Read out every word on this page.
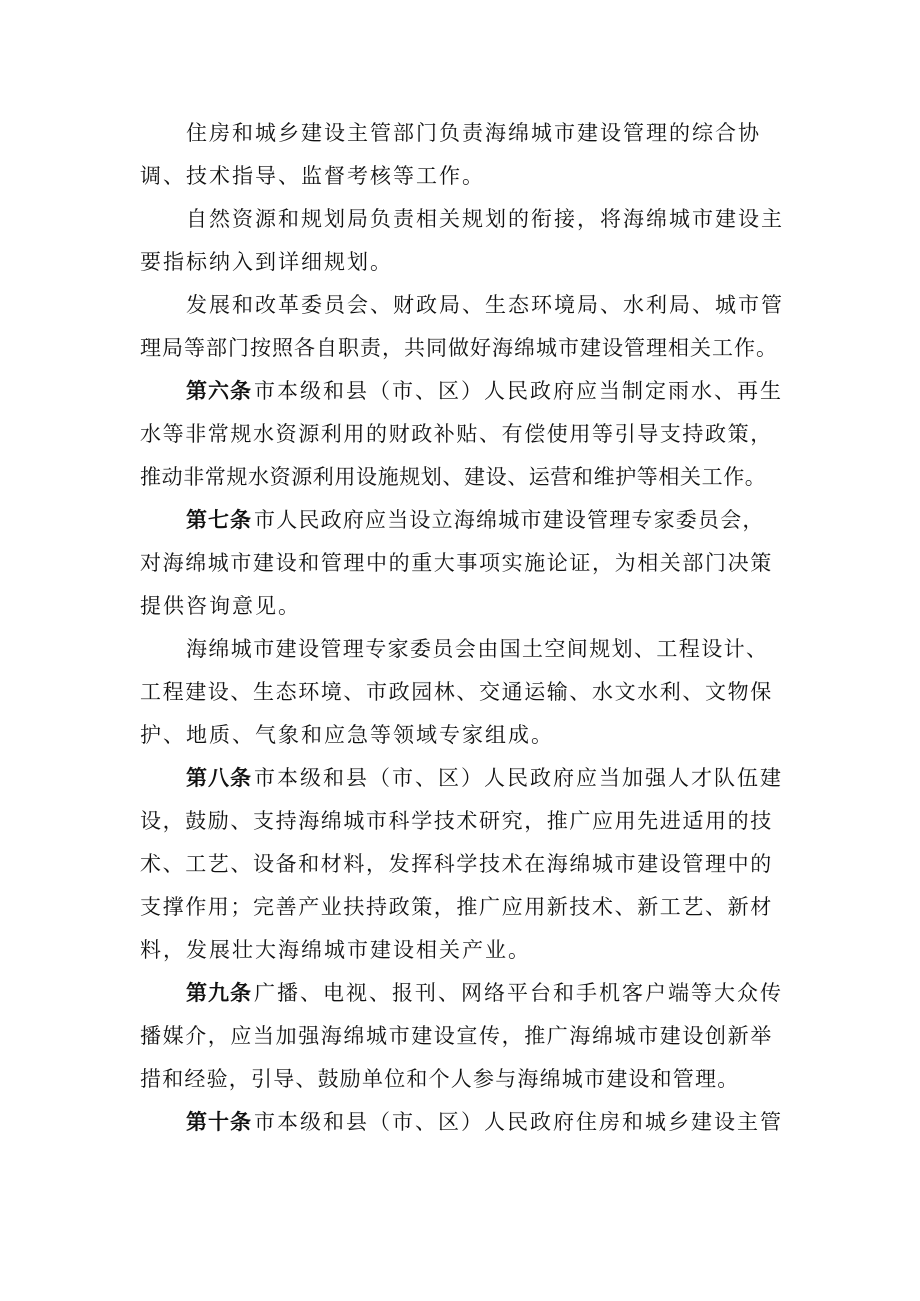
住房和城乡建设主管部门负责海绵城市建设管理的综合协
调、技术指导、监督考核等工作。
自然资源和规划局负责相关规划的衔接，将海绵城市建设主
要指标纳入到详细规划。
发展和改革委员会、财政局、生态环境局、水利局、城市管
理局等部门按照各自职责，共同做好海绵城市建设管理相关工作。
第六条市本级和县（市、区）人民政府应当制定雨水、再生
水等非常规水资源利用的财政补贴、有偿使用等引导支持政策，
推动非常规水资源利用设施规划、建设、运营和维护等相关工作。
第七条市人民政府应当设立海绵城市建设管理专家委员会，
对海绵城市建设和管理中的重大事项实施论证，为相关部门决策
提供咨询意见。
海绵城市建设管理专家委员会由国土空间规划、工程设计、
工程建设、生态环境、市政园林、交通运输、水文水利、文物保
护、地质、气象和应急等领域专家组成。
第八条市本级和县（市、区）人民政府应当加强人才队伍建
设，鼓励、支持海绵城市科学技术研究，推广应用先进适用的技
术、工艺、设备和材料，发挥科学技术在海绵城市建设管理中的
支撑作用；完善产业扶持政策，推广应用新技术、新工艺、新材
料，发展壮大海绵城市建设相关产业。
第九条广播、电视、报刊、网络平台和手机客户端等大众传
播媒介，应当加强海绵城市建设宣传，推广海绵城市建设创新举
措和经验，引导、鼓励单位和个人参与海绵城市建设和管理。
第十条市本级和县（市、区）人民政府住房和城乡建设主管
